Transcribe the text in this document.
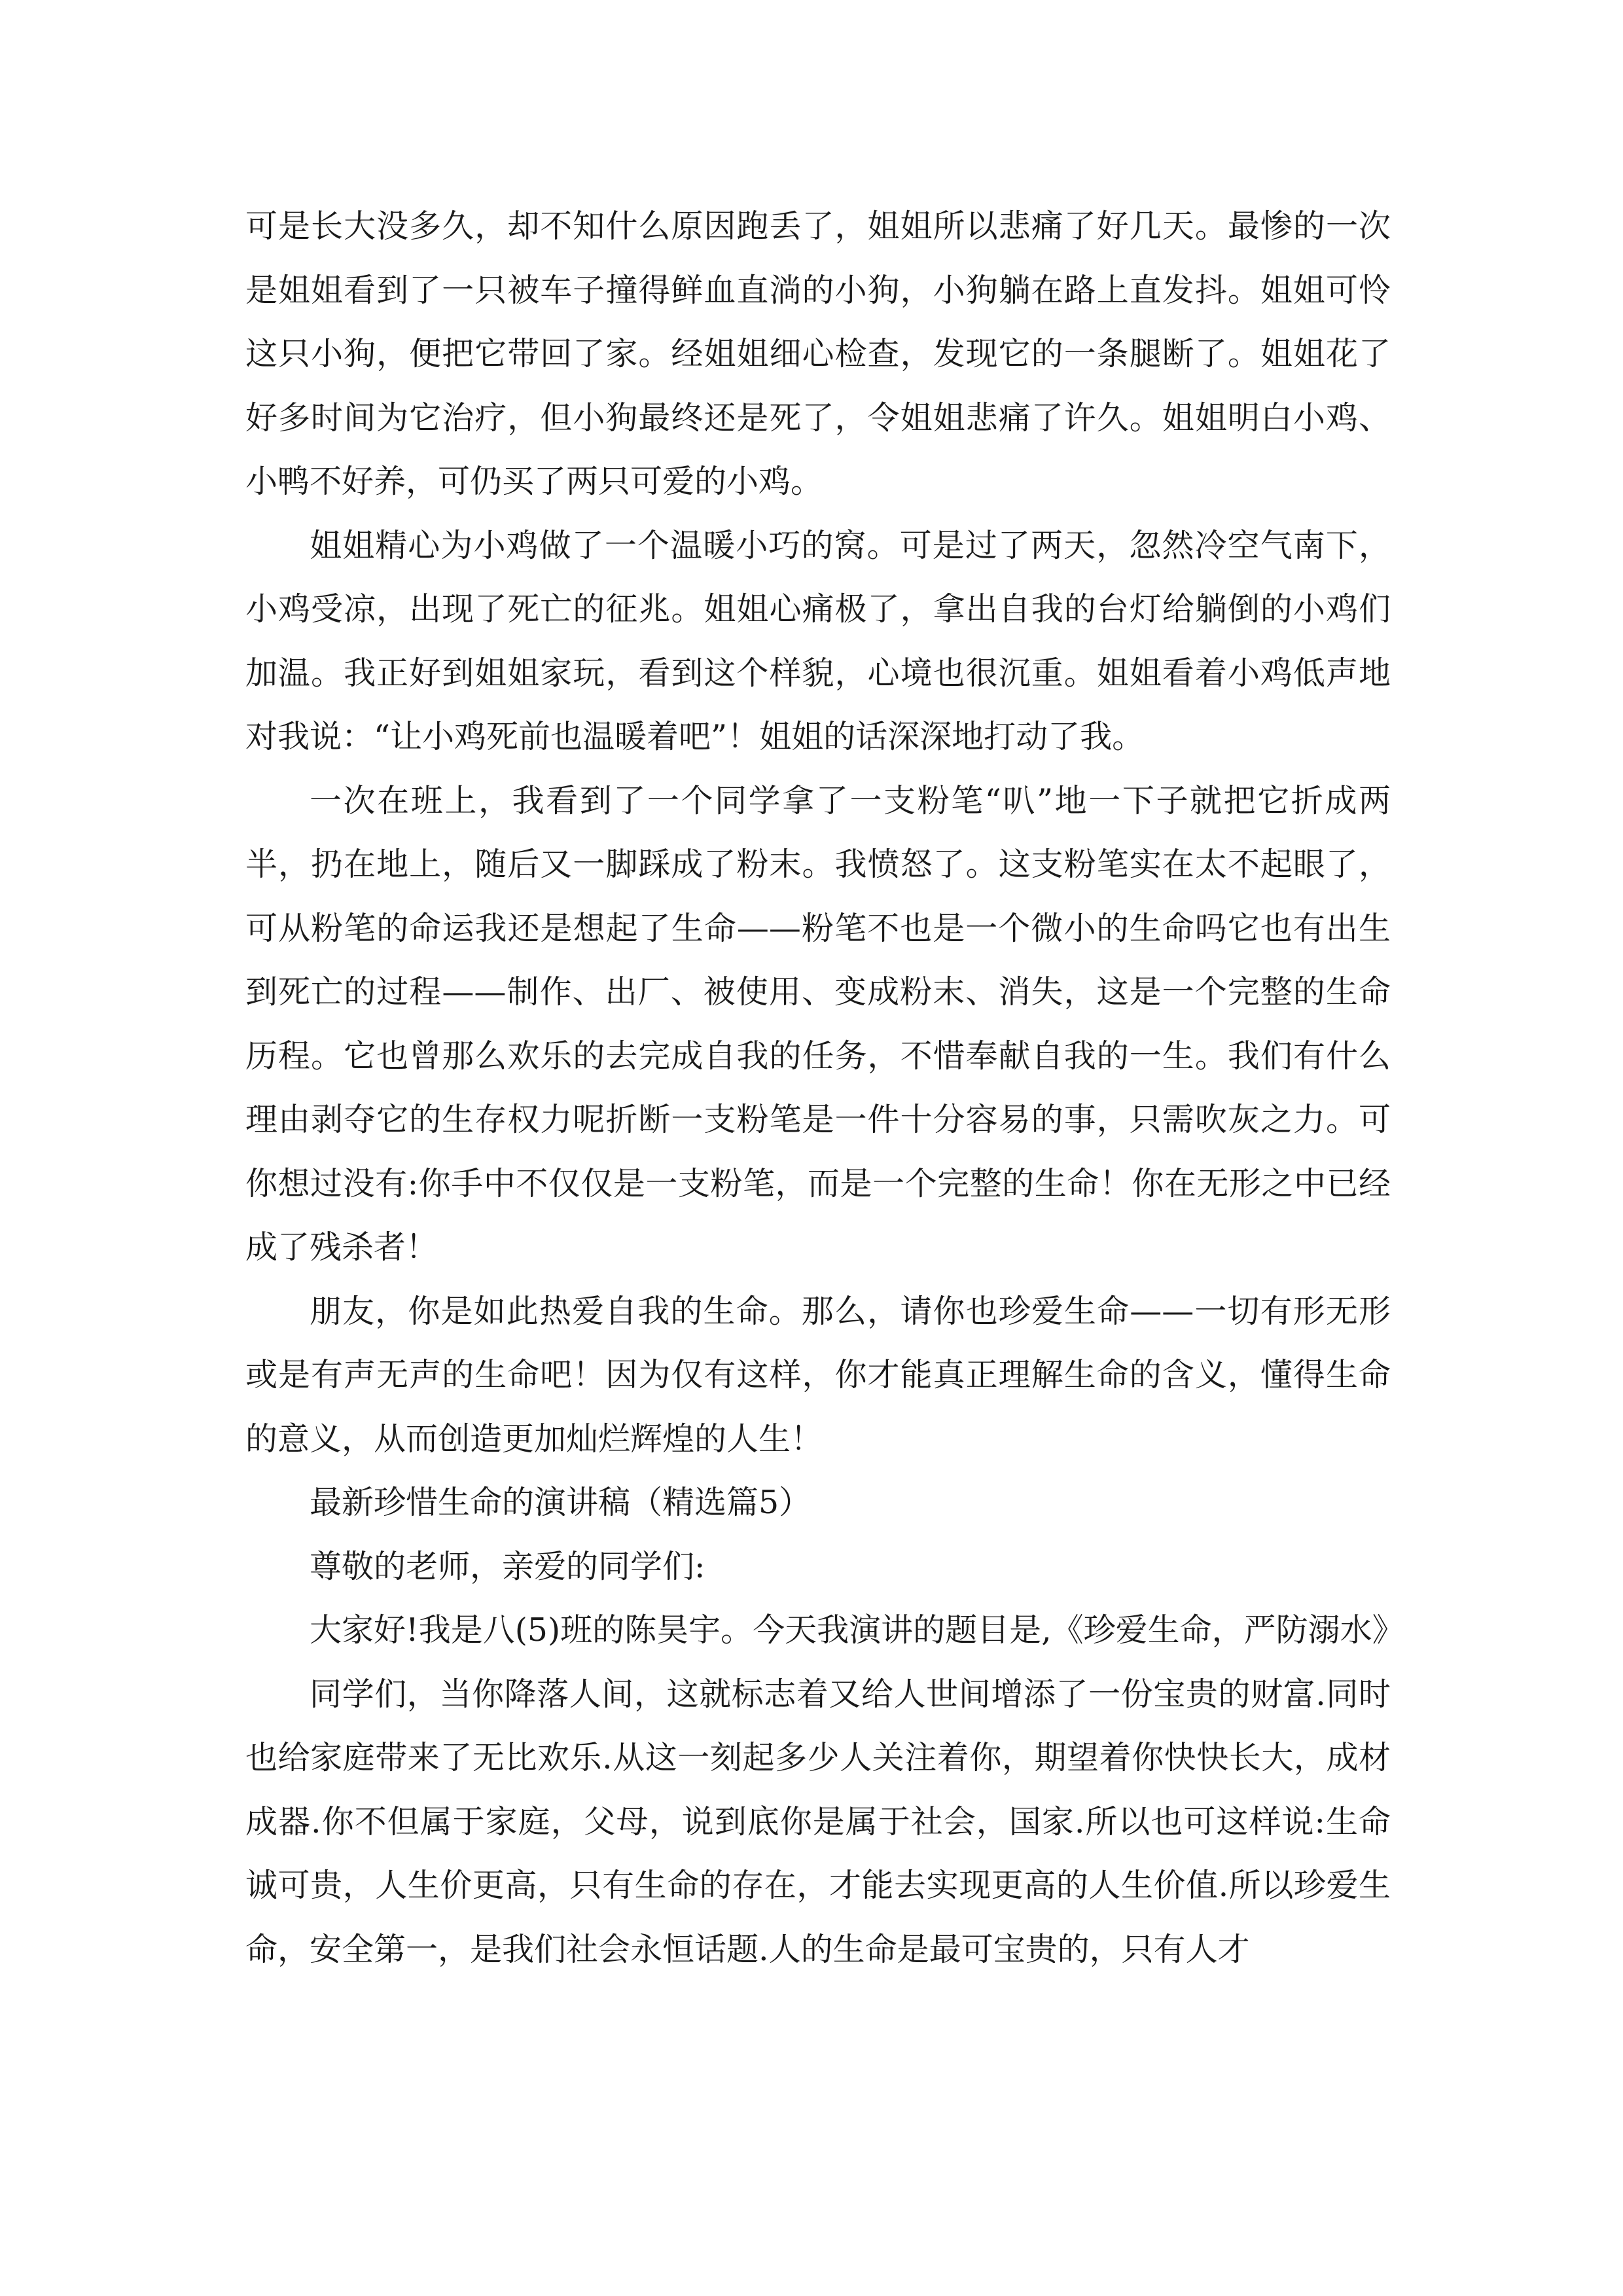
可是长大没多久，却不知什么原因跑丢了，姐姐所以悲痛了好几天。最惨的一次是姐姐看到了一只被车子撞得鲜血直淌的小狗，小狗躺在路上直发抖。姐姐可怜这只小狗，便把它带回了家。经姐姐细心检查，发现它的一条腿断了。姐姐花了好多时间为它治疗，但小狗最终还是死了，令姐姐悲痛了许久。姐姐明白小鸡、小鸭不好养，可仍买了两只可爱的小鸡。

姐姐精心为小鸡做了一个温暖小巧的窝。可是过了两天，忽然冷空气南下，小鸡受凉，出现了死亡的征兆。姐姐心痛极了，拿出自我的台灯给躺倒的小鸡们加温。我正好到姐姐家玩，看到这个样貌，心境也很沉重。姐姐看着小鸡低声地对我说：“让小鸡死前也温暖着吧”！姐姐的话深深地打动了我。

一次在班上，我看到了一个同学拿了一支粉笔“叭”地一下子就把它折成两半，扔在地上，随后又一脚踩成了粉末。我愤怒了。这支粉笔实在太不起眼了，可从粉笔的命运我还是想起了生命——粉笔不也是一个微小的生命吗它也有出生到死亡的过程——制作、出厂、被使用、变成粉末、消失，这是一个完整的生命历程。它也曾那么欢乐的去完成自我的任务，不惜奉献自我的一生。我们有什么理由剥夺它的生存权力呢折断一支粉笔是一件十分容易的事，只需吹灰之力。可你想过没有:你手中不仅仅是一支粉笔，而是一个完整的生命！你在无形之中已经成了残杀者！

朋友，你是如此热爱自我的生命。那么，请你也珍爱生命——一切有形无形或是有声无声的生命吧！因为仅有这样，你才能真正理解生命的含义，懂得生命的意义，从而创造更加灿烂辉煌的人生！

最新珍惜生命的演讲稿（精选篇5）

尊敬的老师，亲爱的同学们:

大家好!我是八(5)班的陈昊宇。今天我演讲的题目是,《珍爱生命，严防溺水》

同学们，当你降落人间，这就标志着又给人世间增添了一份宝贵的财富.同时也给家庭带来了无比欢乐.从这一刻起多少人关注着你，期望着你快快长大，成材成器.你不但属于家庭，父母，说到底你是属于社会，国家.所以也可这样说:生命诚可贵，人生价更高，只有生命的存在，才能去实现更高的人生价值.所以珍爱生命，安全第一，是我们社会永恒话题.人的生命是最可宝贵的，只有人才
